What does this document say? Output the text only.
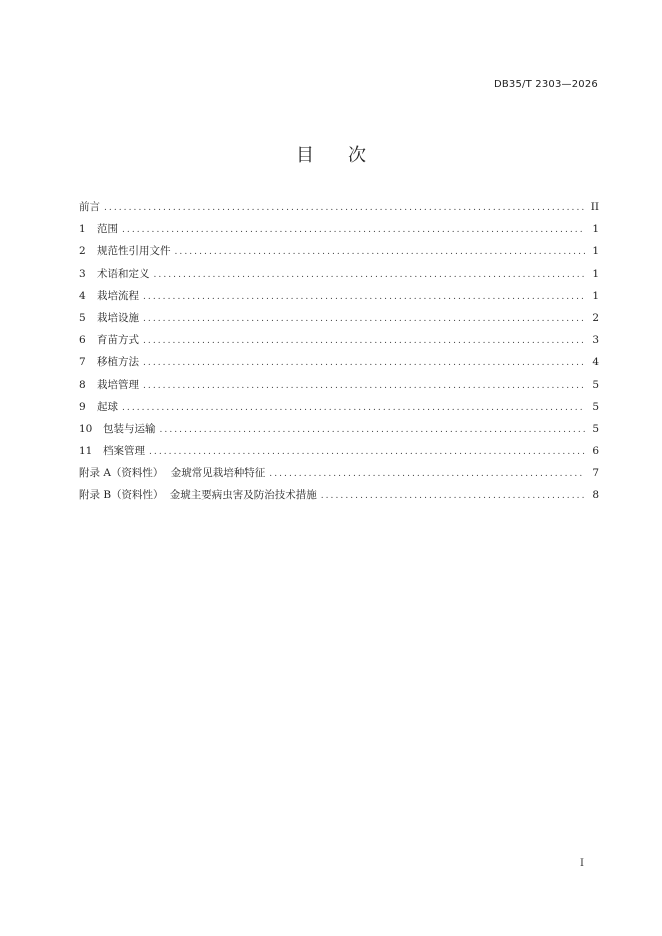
DB35/T 2303—2026
目 次
前言 . . .	II
1	范围 . . .	1
2	规范性引用文件 . . .	1
3	术语和定义 . . .	1
4	栽培流程 . . .	1
5	栽培设施 . . .	2
6	育苗方式 . . .	3
7	移植方法 . . .	4
8	栽培管理 . . .	5
9	起球 . . .	5
10	包装与运输 . . .	5
11	档案管理 . . .	6
附录 A（资料性） 金琥常见栽培种特征 . . .	7
附录 B（资料性） 金琥主要病虫害及防治技术措施 . . .	8
I
